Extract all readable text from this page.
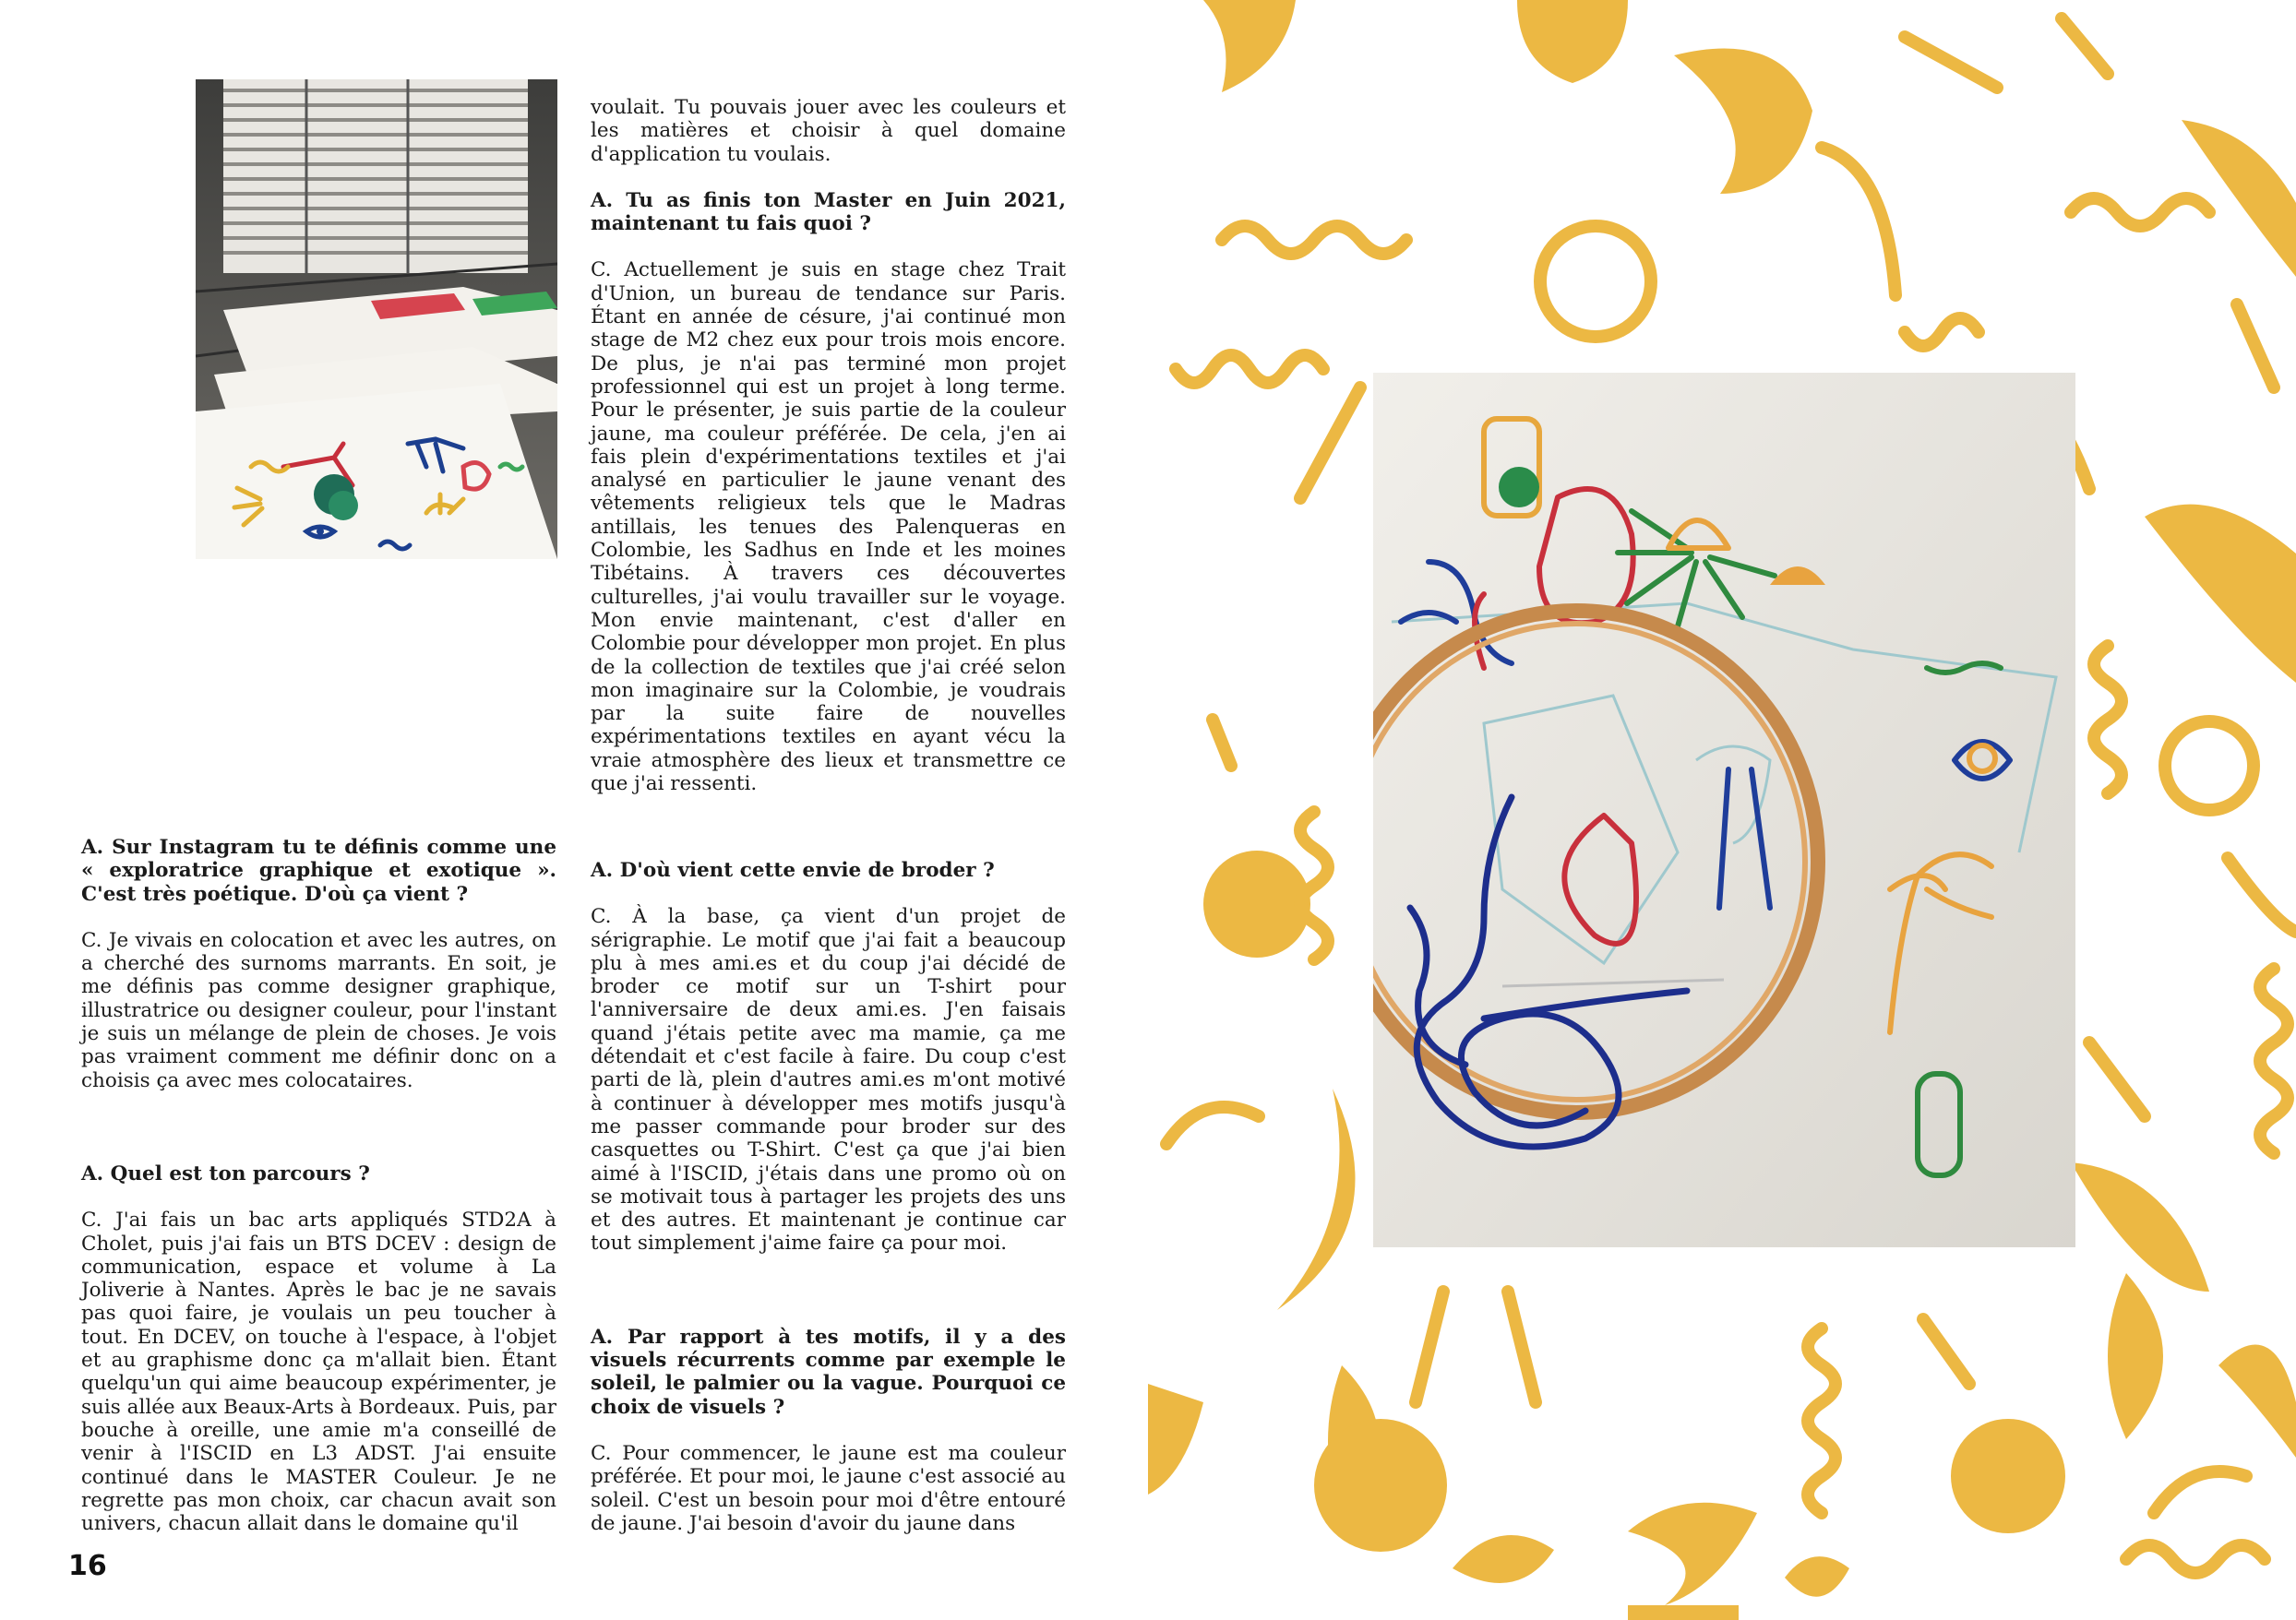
voulait. Tu pouvais jouer avec les couleurs et les matières et choisir à quel domaine d'application tu voulais.

A. Tu as finis ton Master en Juin 2021, maintenant tu fais quoi ?

C. Actuellement je suis en stage chez Trait d'Union, un bureau de tendance sur Paris. Étant en année de césure, j'ai continué mon stage de M2 chez eux pour trois mois encore. De plus, je n'ai pas terminé mon projet professionnel qui est un projet à long terme. Pour le présenter, je suis partie de la couleur jaune, ma couleur préférée. De cela, j'en ai fais plein d'expérimentations textiles et j'ai analysé en particulier le jaune venant des vêtements religieux tels que le Madras antillais, les tenues des Palenqueras en Colombie, les Sadhus en Inde et les moines Tibétains. À travers ces découvertes culturelles, j'ai voulu travailler sur le voyage. Mon envie maintenant, c'est d'aller en Colombie pour développer mon projet. En plus de la collection de textiles que j'ai créé selon mon imaginaire sur la Colombie, je voudrais par la suite faire de nouvelles expérimentations textiles en ayant vécu la vraie atmosphère des lieux et transmettre ce que j'ai ressenti.

A. Sur Instagram tu te définis comme une « exploratrice graphique et exotique ». C'est très poétique. D'où ça vient ?

C. Je vivais en colocation et avec les autres, on a cherché des surnoms marrants. En soit, je me définis pas comme designer graphique, illustratrice ou designer couleur, pour l'instant je suis un mélange de plein de choses. Je vois pas vraiment comment me définir donc on a choisis ça avec mes colocataires.

A. Quel est ton parcours ?

C. J'ai fais un bac arts appliqués STD2A à Cholet, puis j'ai fais un BTS DCEV : design de communication, espace et volume à La Joliverie à Nantes. Après le bac je ne savais pas quoi faire, je voulais un peu toucher à tout. En DCEV, on touche à l'espace, à l'objet et au graphisme donc ça m'allait bien. Étant quelqu'un qui aime beaucoup expérimenter, je suis allée aux Beaux-Arts à Bordeaux. Puis, par bouche à oreille, une amie m'a conseillé de venir à l'ISCID en L3 ADST. J'ai ensuite continué dans le MASTER Couleur. Je ne regrette pas mon choix, car chacun avait son univers, chacun allait dans le domaine qu'il

A. D'où vient cette envie de broder ?

C. À la base, ça vient d'un projet de sérigraphie. Le motif que j'ai fait a beaucoup plu à mes ami.es et du coup j'ai décidé de broder ce motif sur un T-shirt pour l'anniversaire de deux ami.es. J'en faisais quand j'étais petite avec ma mamie, ça me détendait et c'est facile à faire. Du coup c'est parti de là, plein d'autres ami.es m'ont motivé à continuer à développer mes motifs jusqu'à me passer commande pour broder sur des casquettes ou T-Shirt. C'est ça que j'ai bien aimé à l'ISCID, j'étais dans une promo où on se motivait tous à partager les projets des uns et des autres. Et maintenant je continue car tout simplement j'aime faire ça pour moi.

A. Par rapport à tes motifs, il y a des visuels récurrents comme par exemple le soleil, le palmier ou la vague. Pourquoi ce choix de visuels ?

C. Pour commencer, le jaune est ma couleur préférée. Et pour moi, le jaune c'est associé au soleil. C'est un besoin pour moi d'être entouré de jaune. J'ai besoin d'avoir du jaune dans

16
